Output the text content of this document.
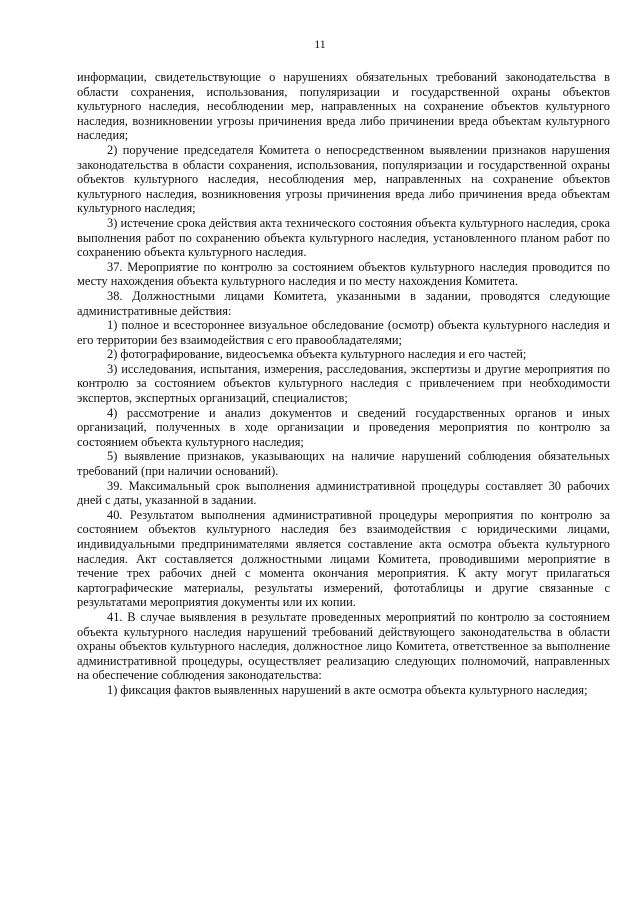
11

информации, свидетельствующие о нарушениях обязательных требований законодательства в области сохранения, использования, популяризации и государственной охраны объектов культурного наследия, несоблюдении мер, направленных на сохранение объектов культурного наследия, возникновении угрозы причинения вреда либо причинении вреда объектам культурного наследия;

2) поручение председателя Комитета о непосредственном выявлении признаков нарушения законодательства в области сохранения, использования, популяризации и государственной охраны объектов культурного наследия, несоблюдения мер, направленных на сохранение объектов культурного наследия, возникновения угрозы причинения вреда либо причинения вреда объектам культурного наследия;

3) истечение срока действия акта технического состояния объекта культурного наследия, срока выполнения работ по сохранению объекта культурного наследия, установленного планом работ по сохранению объекта культурного наследия.

37. Мероприятие по контролю за состоянием объектов культурного наследия проводится по месту нахождения объекта культурного наследия и по месту нахождения Комитета.

38. Должностными лицами Комитета, указанными в задании, проводятся следующие административные действия:

1) полное и всестороннее визуальное обследование (осмотр) объекта культурного наследия и его территории без взаимодействия с его правообладателями;

2) фотографирование, видеосъемка объекта культурного наследия и его частей;

3) исследования, испытания, измерения, расследования, экспертизы и другие мероприятия по контролю за состоянием объектов культурного наследия с привлечением при необходимости экспертов, экспертных организаций, специалистов;

4) рассмотрение и анализ документов и сведений государственных органов и иных организаций, полученных в ходе организации и проведения мероприятия по контролю за состоянием объекта культурного наследия;

5) выявление признаков, указывающих на наличие нарушений соблюдения обязательных требований (при наличии оснований).

39. Максимальный срок выполнения административной процедуры составляет 30 рабочих дней с даты, указанной в задании.

40. Результатом выполнения административной процедуры мероприятия по контролю за состоянием объектов культурного наследия без взаимодействия с юридическими лицами, индивидуальными предпринимателями является составление акта осмотра объекта культурного наследия. Акт составляется должностными лицами Комитета, проводившими мероприятие в течение трех рабочих дней с момента окончания мероприятия. К акту могут прилагаться картографические материалы, результаты измерений, фототаблицы и другие связанные с результатами мероприятия документы или их копии.

41. В случае выявления в результате проведенных мероприятий по контролю за состоянием объекта культурного наследия нарушений требований действующего законодательства в области охраны объектов культурного наследия, должностное лицо Комитета, ответственное за выполнение административной процедуры, осуществляет реализацию следующих полномочий, направленных на обеспечение соблюдения законодательства:

1) фиксация фактов выявленных нарушений в акте осмотра объекта культурного наследия;
